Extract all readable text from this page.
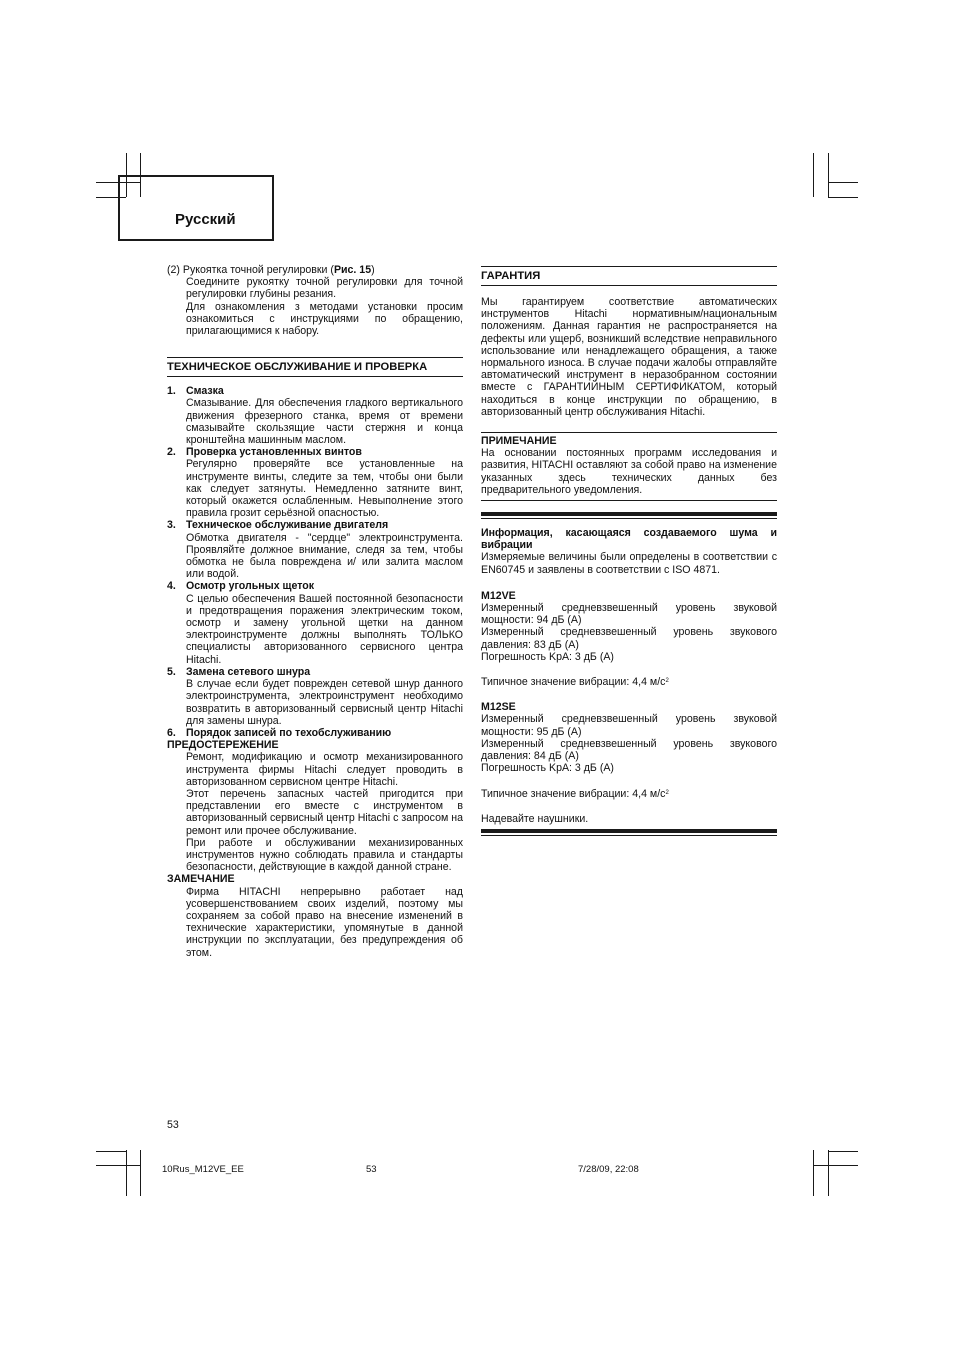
Русский

(2) Рукоятка точной регулировки (Рис. 15)

Соедините рукоятку точной регулировки для точной регулировки глубины резания.

Для ознакомления з методами установки просим ознакомиться с инструкциями по обращению, прилагающимися к набору.

ТЕХНИЧЕСКОЕ ОБСЛУЖИВАНИЕ И ПРОВЕРКА
1. Смазка

Смазывание. Для обеспечения гладкого вертикального движения фрезерного станка, время от времени смазывайте скользящие части стержня и конца кронштейна машинным маслом.

2. Проверка установленных винтов

Регулярно проверяйте все установленные на инструменте винты, следите за тем, чтобы они были как следует затянуты. Немедленно затяните винт, который окажется ослабленным. Невыполнение этого правила грозит серьёзной опасностью.

3. Техническое обслуживание двигателя

Обмотка двигателя - "сердце" электроинструмента. Проявляйте должное внимание, следя за тем, чтобы обмотка не была повреждена и/ или залита маслом или водой.

4. Осмотр угольных щеток

С целью обеспечения Вашей постоянной безопасности и предотвращения поражения электрическим током, осмотр и замену угольной щетки на данном электроинструменте должны выполнять ТОЛЬКО специалисты авторизованного сервисного центра Hitachi.

5. Замена сетевого шнура

В случае если будет поврежден сетевой шнур данного электроинструмента, электроинструмент необходимо возвратить в авторизованный сервисный центр Hitachi для замены шнура.

6. Порядок записей по техобслуживанию
ПРЕДОСТЕРЕЖЕНИЕ

Ремонт, модификацию и осмотр механизированного инструмента фирмы Hitachi следует проводить в авторизованном сервисном центре Hitachi.

Этот перечень запасных частей пригодится при представлении его вместе с инструментом в авторизованный сервисный центр Hitachi с запросом на ремонт или прочее обслуживание.

При работе и обслуживании механизированных инструментов нужно соблюдать правила и стандарты безопасности, действующие в каждой данной стране.

ЗАМЕЧАНИЕ

Фирма HITACHI непрерывно работает над усовершенствованием своих изделий, поэтому мы сохраняем за собой право на внесение изменений в технические характеристики, упомянутые в данной инструкции по эксплуатации, без предупреждения об этом.

ГАРАНТИЯ

Мы гарантируем соответствие автоматических инструментов Hitachi нормативным/национальным положениям. Данная гарантия не распространяется на дефекты или ущерб, возникший вследствие неправильного использование или ненадлежащего обращения, а также нормального износа. В случае подачи жалобы отправляйте автоматический инструмент в неразобранном состоянии вместе с ГАРАНТИЙНЫМ СЕРТИФИКАТОМ, который находиться в конце инструкции по обращению, в авторизованный центр обслуживания Hitachi.

ПРИМЕЧАНИЕ

На основании постоянных программ исследования и развития, HITACHI оставляют за собой право на изменение указанных здесь технических данных без предварительного уведомления.

Информация, касающаяся создаваемого шума и вибрации

Измеряемые величины были определены в соответствии с EN60745 и заявлены в соответствии с ISO 4871.

M12VE

Измеренный средневзвешенный уровень звуковой мощности: 94 дБ (A)

Измеренный средневзвешенный уровень звукового давления: 83 дБ (A)

Погрешность KpA: 3 дБ (A)

Типичное значение вибрации: 4,4 $м/с^2$

M12SE

Измеренный средневзвешенный уровень звуковой мощности: 95 дБ (A)

Измеренный средневзвешенный уровень звукового давления: 84 дБ (A)

Погрешность KpA: 3 дБ (A)

Типичное значение вибрации: 4,4 $м/с^2$

Надевайте наушники.

53
10Rus_M12VE_EE	53	7/28/09, 22:08
